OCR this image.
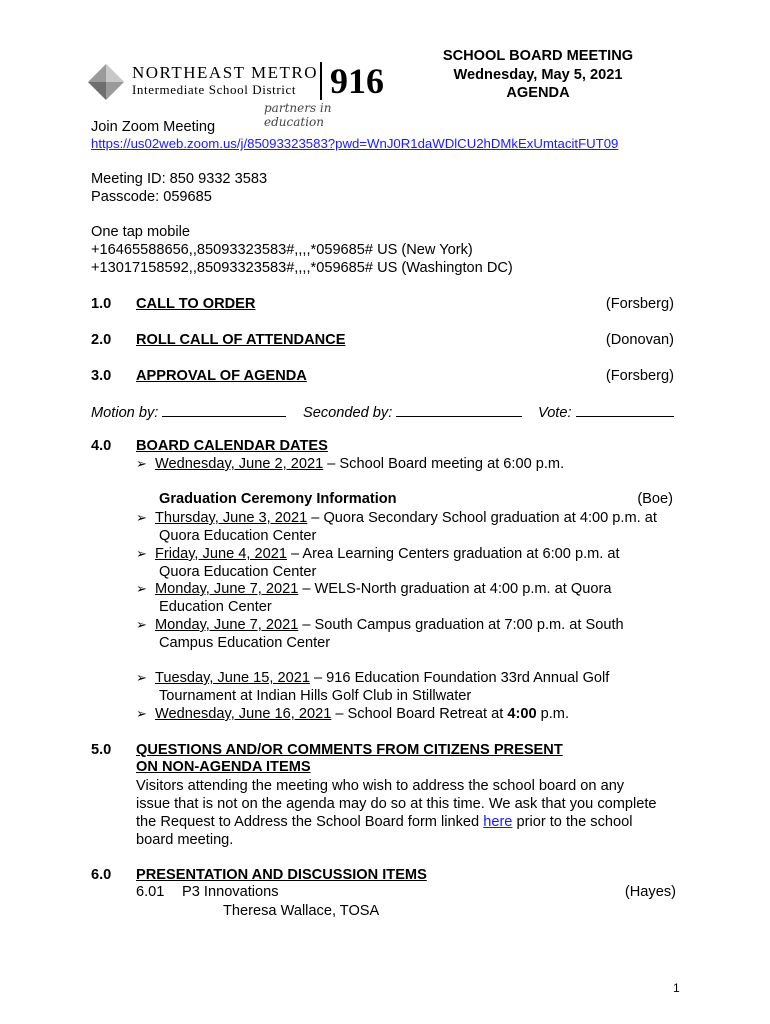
NORTHEAST METRO
Intermediate School District 916
partners in education
SCHOOL BOARD MEETING
Wednesday, May 5, 2021
AGENDA
Join Zoom Meeting
https://us02web.zoom.us/j/85093323583?pwd=WnJ0R1daWDlCU2hDMkExUmtacitFUT09
Meeting ID: 850 9332 3583
Passcode: 059685
One tap mobile
+16465588656,,85093323583#,,,,*059685# US (New York)
+13017158592,,85093323583#,,,,*059685# US (Washington DC)
1.0 CALL TO ORDER	(Forsberg)
2.0 ROLL CALL OF ATTENDANCE	(Donovan)
3.0 APPROVAL OF AGENDA	(Forsberg)
Motion by:	Seconded by:	Vote:
4.0 BOARD CALENDAR DATES
➢ Wednesday, June 2, 2021 – School Board meeting at 6:00 p.m.
Graduation Ceremony Information	(Boe)
➢ Thursday, June 3, 2021 – Quora Secondary School graduation at 4:00 p.m. at
Quora Education Center
➢ Friday, June 4, 2021 – Area Learning Centers graduation at 6:00 p.m. at
Quora Education Center
➢ Monday, June 7, 2021 – WELS-North graduation at 4:00 p.m. at Quora
Education Center
➢ Monday, June 7, 2021 – South Campus graduation at 7:00 p.m. at South
Campus Education Center
➢ Tuesday, June 15, 2021 – 916 Education Foundation 33rd Annual Golf
Tournament at Indian Hills Golf Club in Stillwater
➢ Wednesday, June 16, 2021 – School Board Retreat at 4:00 p.m.
5.0 QUESTIONS AND/OR COMMENTS FROM CITIZENS PRESENT
ON NON-AGENDA ITEMS
Visitors attending the meeting who wish to address the school board on any
issue that is not on the agenda may do so at this time. We ask that you complete
the Request to Address the School Board form linked here prior to the school
board meeting.
6.0 PRESENTATION AND DISCUSSION ITEMS
6.01 P3 Innovations	(Hayes)
Theresa Wallace, TOSA
1
